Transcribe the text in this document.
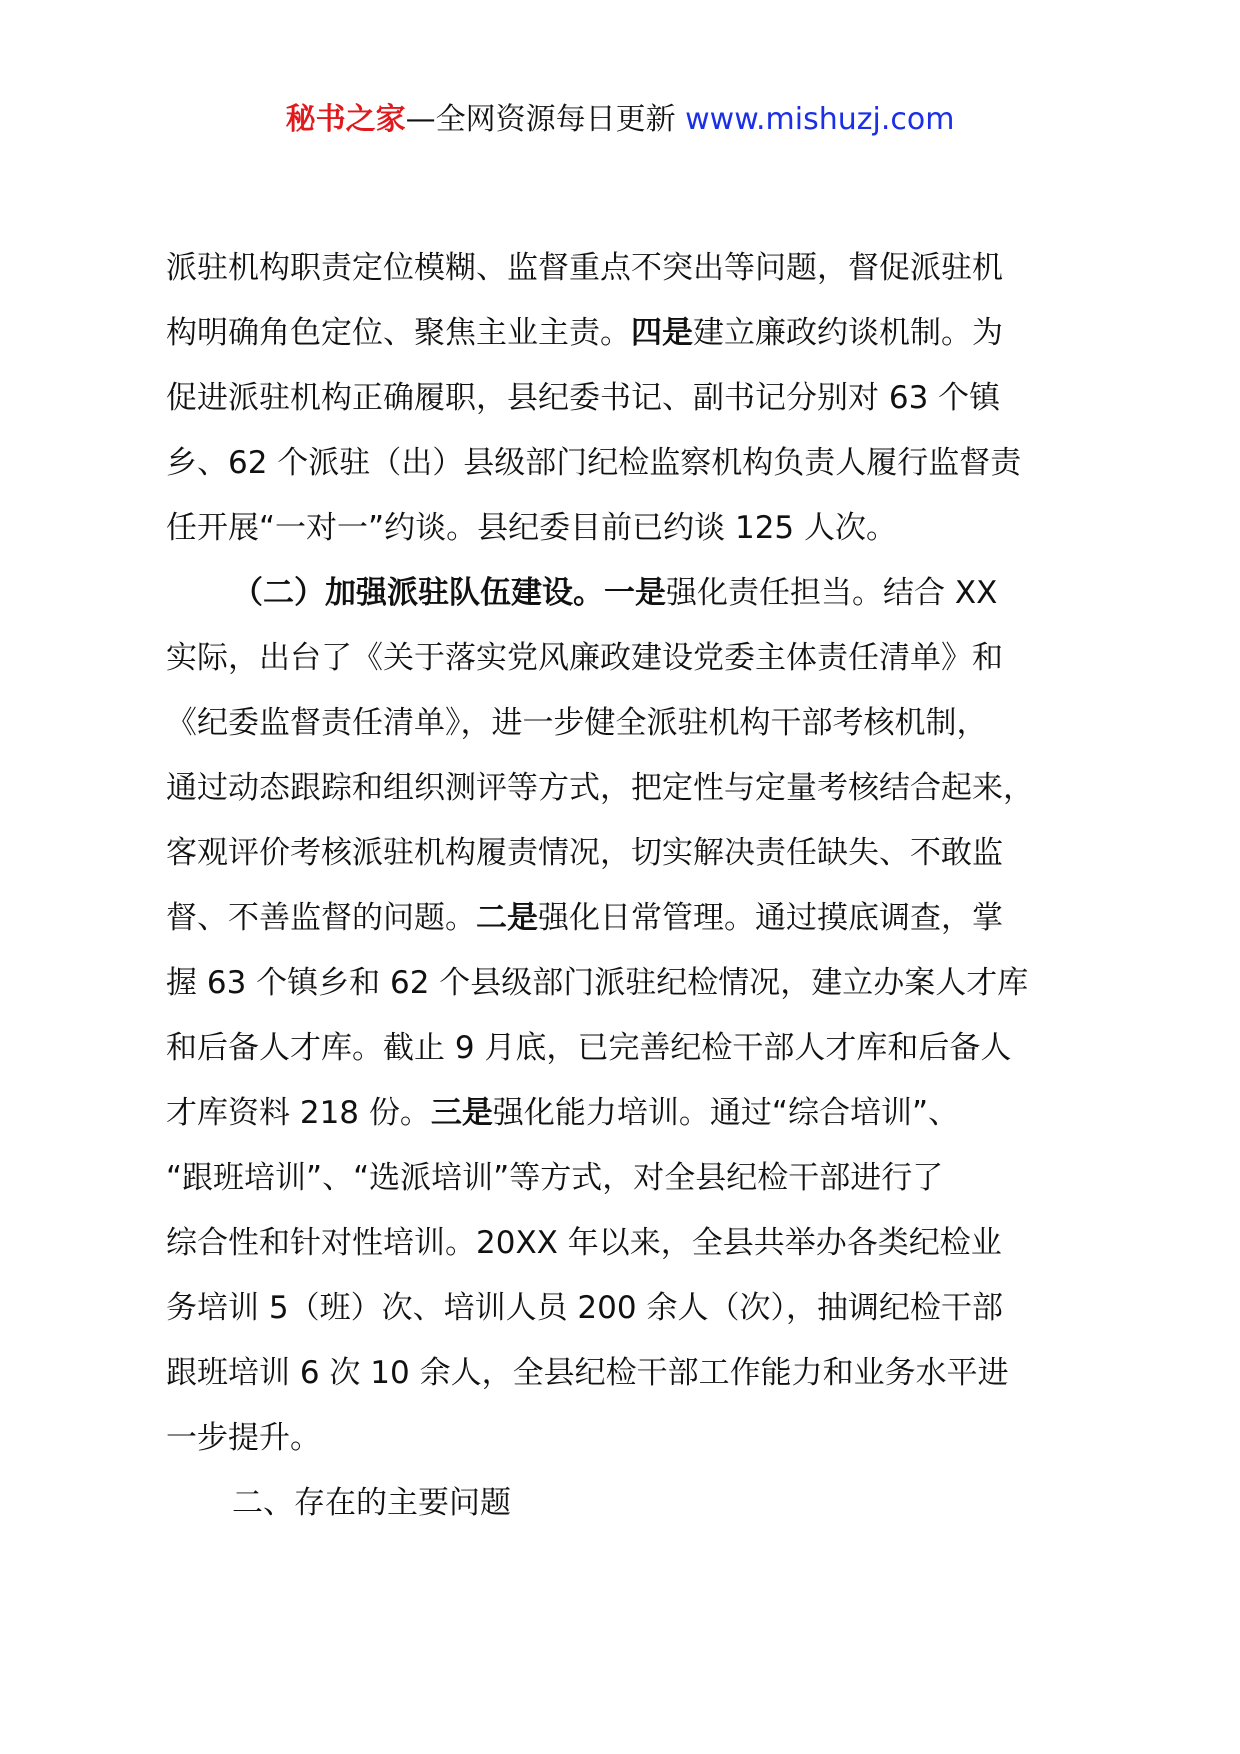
秘书之家—全网资源每日更新 www.mishuzj.com
派驻机构职责定位模糊、监督重点不突出等问题，督促派驻机
构明确角色定位、聚焦主业主责。四是建立廉政约谈机制。为
促进派驻机构正确履职，县纪委书记、副书记分别对 63 个镇
乡、62 个派驻（出）县级部门纪检监察机构负责人履行监督责
任开展“一对一”约谈。县纪委目前已约谈 125 人次。
（二）加强派驻队伍建设。一是强化责任担当。结合 XX
实际，出台了《关于落实党风廉政建设党委主体责任清单》和
《纪委监督责任清单》，进一步健全派驻机构干部考核机制，
通过动态跟踪和组织测评等方式，把定性与定量考核结合起来，
客观评价考核派驻机构履责情况，切实解决责任缺失、不敢监
督、不善监督的问题。二是强化日常管理。通过摸底调查，掌
握 63 个镇乡和 62 个县级部门派驻纪检情况，建立办案人才库
和后备人才库。截止 9 月底，已完善纪检干部人才库和后备人
才库资料 218 份。三是强化能力培训。通过“综合培训”、
“跟班培训”、“选派培训”等方式，对全县纪检干部进行了
综合性和针对性培训。20XX 年以来，全县共举办各类纪检业
务培训 5（班）次、培训人员 200 余人（次），抽调纪检干部
跟班培训 6 次 10 余人，全县纪检干部工作能力和业务水平进
一步提升。
二、存在的主要问题
